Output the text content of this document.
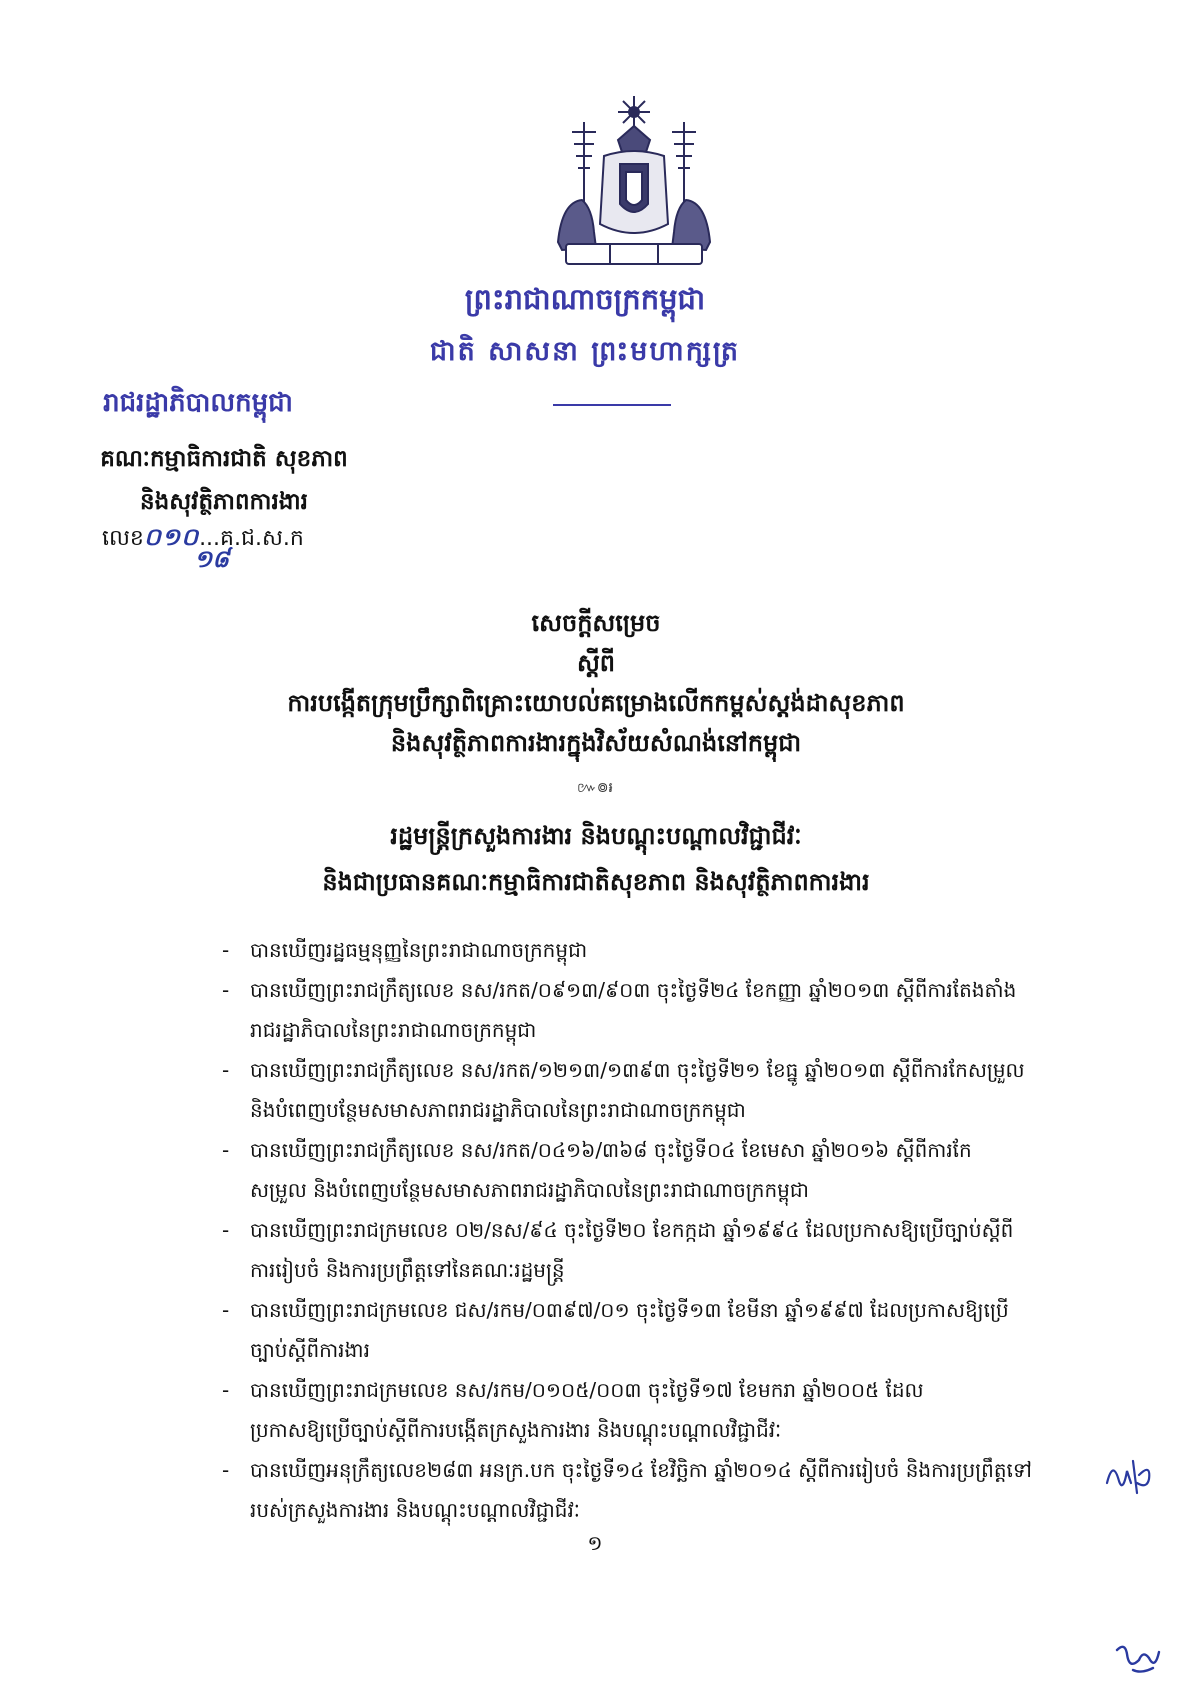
ព្រះរាជាណាចក្រកម្ពុជា
ជាតិ សាសនា ព្រះមហាក្សត្រ
រាជរដ្ឋាភិបាលកម្ពុជា
គណៈកម្មាធិការជាតិ សុខភាព
និងសុវត្ថិភាពការងារ
លេខ០១០...គ.ជ.ស.ក
១៨
សេចក្តីសម្រេច
ស្តីពី
ការបង្កើតក្រុមប្រឹក្សាពិគ្រោះយោបល់គម្រោងលើកកម្ពស់ស្តង់ដាសុខភាព
និងសុវត្ថិភាពការងារក្នុងវិស័យសំណង់នៅកម្ពុជា
៚៙៛
រដ្ឋមន្ត្រីក្រសួងការងារ និងបណ្តុះបណ្តាលវិជ្ជាជីវៈ
និងជាប្រធានគណៈកម្មាធិការជាតិសុខភាព និងសុវត្ថិភាពការងារ
- បានឃើញរដ្ឋធម្មនុញ្ញនៃព្រះរាជាណាចក្រកម្ពុជា
- បានឃើញព្រះរាជក្រឹត្យលេខ នស/រកត/០៩១៣/៩០៣ ចុះថ្ងៃទី២៤ ខែកញ្ញា ឆ្នាំ២០១៣ ស្តីពីការតែងតាំង
រាជរដ្ឋាភិបាលនៃព្រះរាជាណាចក្រកម្ពុជា
- បានឃើញព្រះរាជក្រឹត្យលេខ នស/រកត/១២១៣/១៣៩៣ ចុះថ្ងៃទី២១ ខែធ្នូ ឆ្នាំ២០១៣ ស្តីពីការកែសម្រួល
និងបំពេញបន្ថែមសមាសភាពរាជរដ្ឋាភិបាលនៃព្រះរាជាណាចក្រកម្ពុជា
- បានឃើញព្រះរាជក្រឹត្យលេខ នស/រកត/០៤១៦/៣៦៨ ចុះថ្ងៃទី០៤ ខែមេសា ឆ្នាំ២០១៦ ស្តីពីការកែ
សម្រួល និងបំពេញបន្ថែមសមាសភាពរាជរដ្ឋាភិបាលនៃព្រះរាជាណាចក្រកម្ពុជា
- បានឃើញព្រះរាជក្រមលេខ ០២/នស/៩៤ ចុះថ្ងៃទី២០ ខែកក្កដា ឆ្នាំ១៩៩៤ ដែលប្រកាសឱ្យប្រើច្បាប់ស្តីពី
ការរៀបចំ និងការប្រព្រឹត្តទៅនៃគណៈរដ្ឋមន្ត្រី
- បានឃើញព្រះរាជក្រមលេខ ជស/រកម/០៣៩៧/០១ ចុះថ្ងៃទី១៣ ខែមីនា ឆ្នាំ១៩៩៧ ដែលប្រកាសឱ្យប្រើ
ច្បាប់ស្តីពីការងារ
- បានឃើញព្រះរាជក្រមលេខ នស/រកម/០១០៥/០០៣ ចុះថ្ងៃទី១៧ ខែមករា ឆ្នាំ២០០៥ ដែល
ប្រកាសឱ្យប្រើច្បាប់ស្តីពីការបង្កើតក្រសួងការងារ និងបណ្តុះបណ្តាលវិជ្ជាជីវៈ
- បានឃើញអនុក្រឹត្យលេខ២៨៣ អនក្រ.បក ចុះថ្ងៃទី១៤ ខែវិច្ឆិកា ឆ្នាំ២០១៤ ស្តីពីការរៀបចំ និងការប្រព្រឹត្តទៅ
របស់ក្រសួងការងារ និងបណ្តុះបណ្តាលវិជ្ជាជីវៈ
១
